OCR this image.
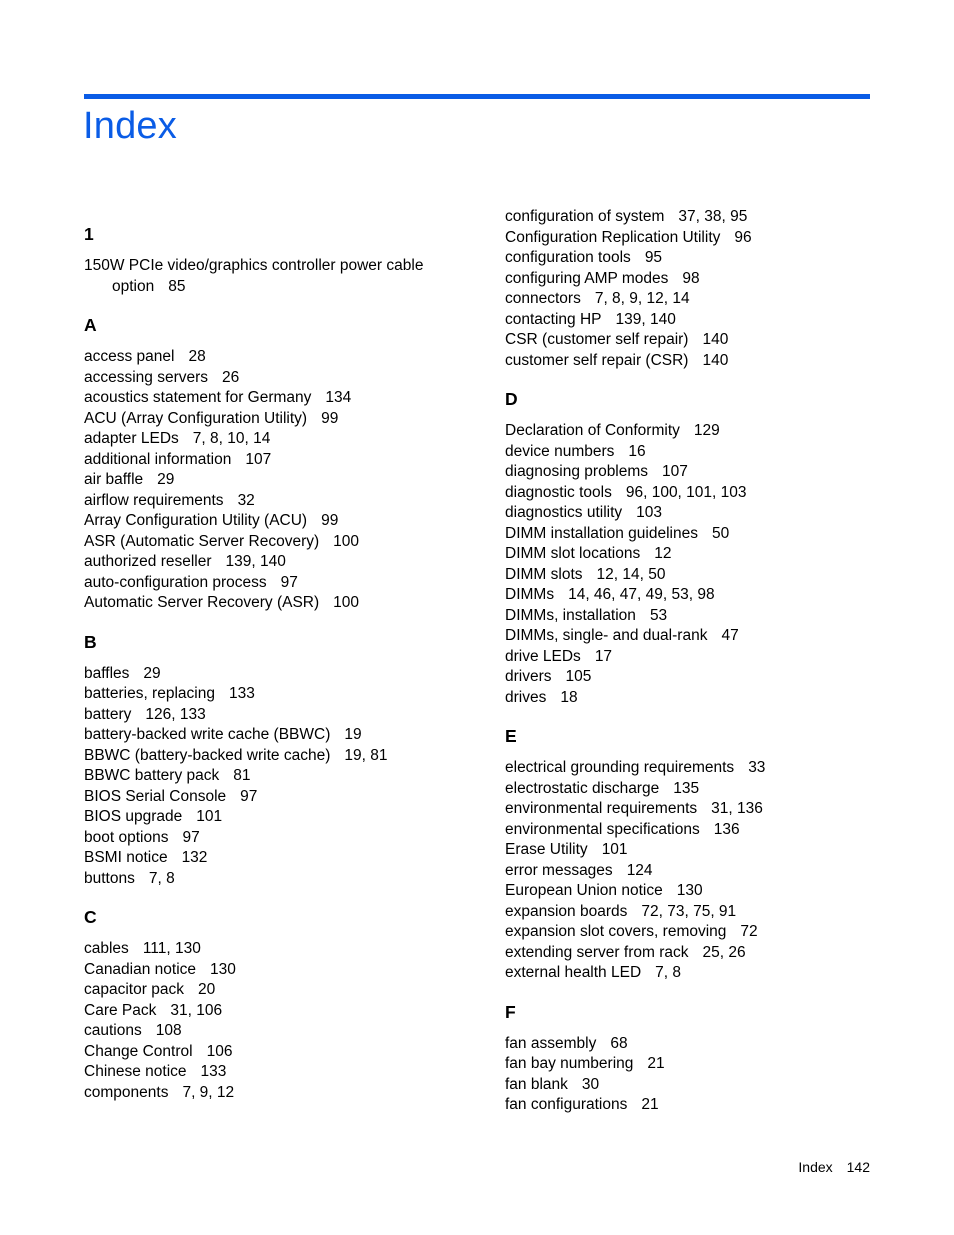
Index
1
150W PCIe video/graphics controller power cable option 85
A
access panel 28
accessing servers 26
acoustics statement for Germany 134
ACU (Array Configuration Utility) 99
adapter LEDs 7, 8, 10, 14
additional information 107
air baffle 29
airflow requirements 32
Array Configuration Utility (ACU) 99
ASR (Automatic Server Recovery) 100
authorized reseller 139, 140
auto-configuration process 97
Automatic Server Recovery (ASR) 100
B
baffles 29
batteries, replacing 133
battery 126, 133
battery-backed write cache (BBWC) 19
BBWC (battery-backed write cache) 19, 81
BBWC battery pack 81
BIOS Serial Console 97
BIOS upgrade 101
boot options 97
BSMI notice 132
buttons 7, 8
C
cables 111, 130
Canadian notice 130
capacitor pack 20
Care Pack 31, 106
cautions 108
Change Control 106
Chinese notice 133
components 7, 9, 12
configuration of system 37, 38, 95
Configuration Replication Utility 96
configuration tools 95
configuring AMP modes 98
connectors 7, 8, 9, 12, 14
contacting HP 139, 140
CSR (customer self repair) 140
customer self repair (CSR) 140
D
Declaration of Conformity 129
device numbers 16
diagnosing problems 107
diagnostic tools 96, 100, 101, 103
diagnostics utility 103
DIMM installation guidelines 50
DIMM slot locations 12
DIMM slots 12, 14, 50
DIMMs 14, 46, 47, 49, 53, 98
DIMMs, installation 53
DIMMs, single- and dual-rank 47
drive LEDs 17
drivers 105
drives 18
E
electrical grounding requirements 33
electrostatic discharge 135
environmental requirements 31, 136
environmental specifications 136
Erase Utility 101
error messages 124
European Union notice 130
expansion boards 72, 73, 75, 91
expansion slot covers, removing 72
extending server from rack 25, 26
external health LED 7, 8
F
fan assembly 68
fan bay numbering 21
fan blank 30
fan configurations 21
Index 142
